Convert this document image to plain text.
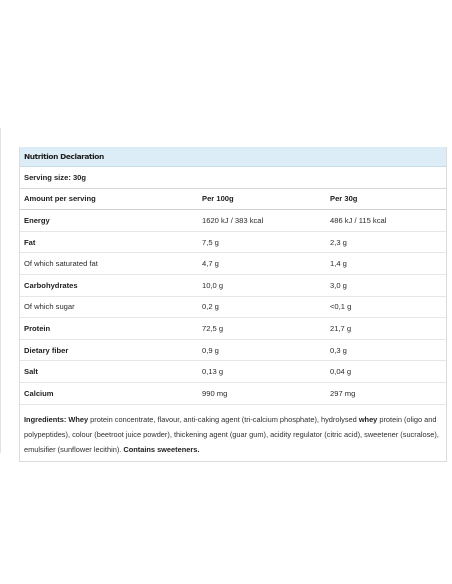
Nutrition Declaration
Serving size: 30g
Amount per serving	Per 100g	Per 30g
Energy	1620 kJ / 383 kcal	486 kJ / 115 kcal
Fat	7,5 g	2,3 g
Of which saturated fat	4,7 g	1,4 g
Carbohydrates	10,0 g	3,0 g
Of which sugar	0,2 g	<0,1 g
Protein	72,5 g	21,7 g
Dietary fiber	0,9 g	0,3 g
Salt	0,13 g	0,04 g
Calcium	990 mg	297 mg
Ingredients: Whey protein concentrate, flavour, anti-caking agent (tri-calcium phosphate), hydrolysed whey protein (oligo and polypeptides), colour (beetroot juice powder), thickening agent (guar gum), acidity regulator (citric acid), sweetener (sucralose), emulsifier (sunflower lecithin). Contains sweeteners.
